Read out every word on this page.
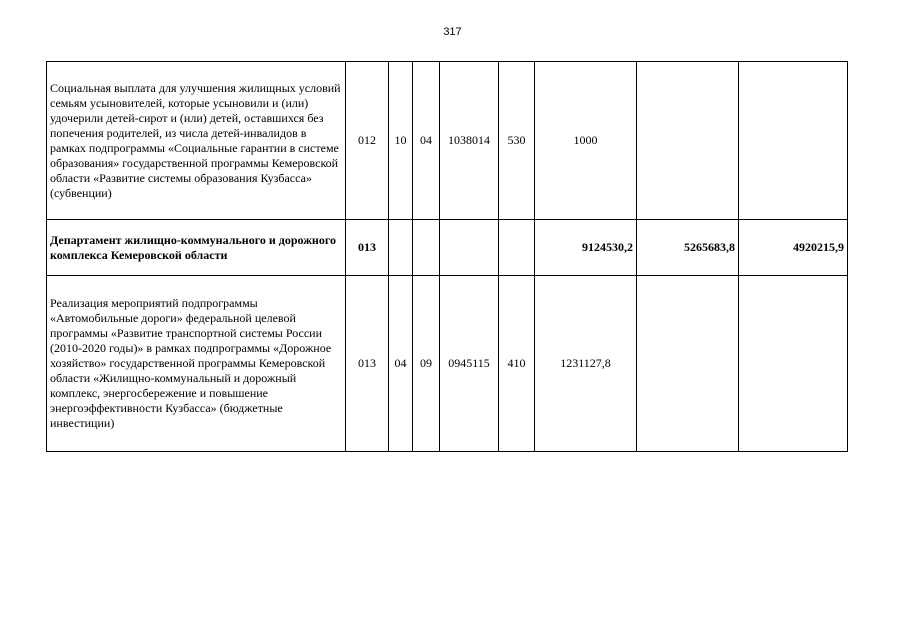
317
Социальная выплата для улучшения жилищных условий семьям усыновителей, которые усыновили и (или) удочерили детей-сирот и (или) детей, оставшихся без попечения родителей, из числа детей-инвалидов в рамках подпрограммы «Социальные гарантии в системе образования» государственной программы Кемеровской области «Развитие системы образования Кузбасса» (субвенции)	012	10	04	1038014	530	1000		
Департамент жилищно-коммунального и дорожного комплекса Кемеровской области	013					9124530,2	5265683,8	4920215,9
Реализация мероприятий подпрограммы «Автомобильные дороги» федеральной целевой программы «Развитие транспортной системы России (2010-2020 годы)» в рамках подпрограммы «Дорожное хозяйство» государственной программы Кемеровской области «Жилищно-коммунальный и дорожный комплекс, энергосбережение и повышение энергоэффективности Кузбасса» (бюджетные инвестиции)	013	04	09	0945115	410	1231127,8		
